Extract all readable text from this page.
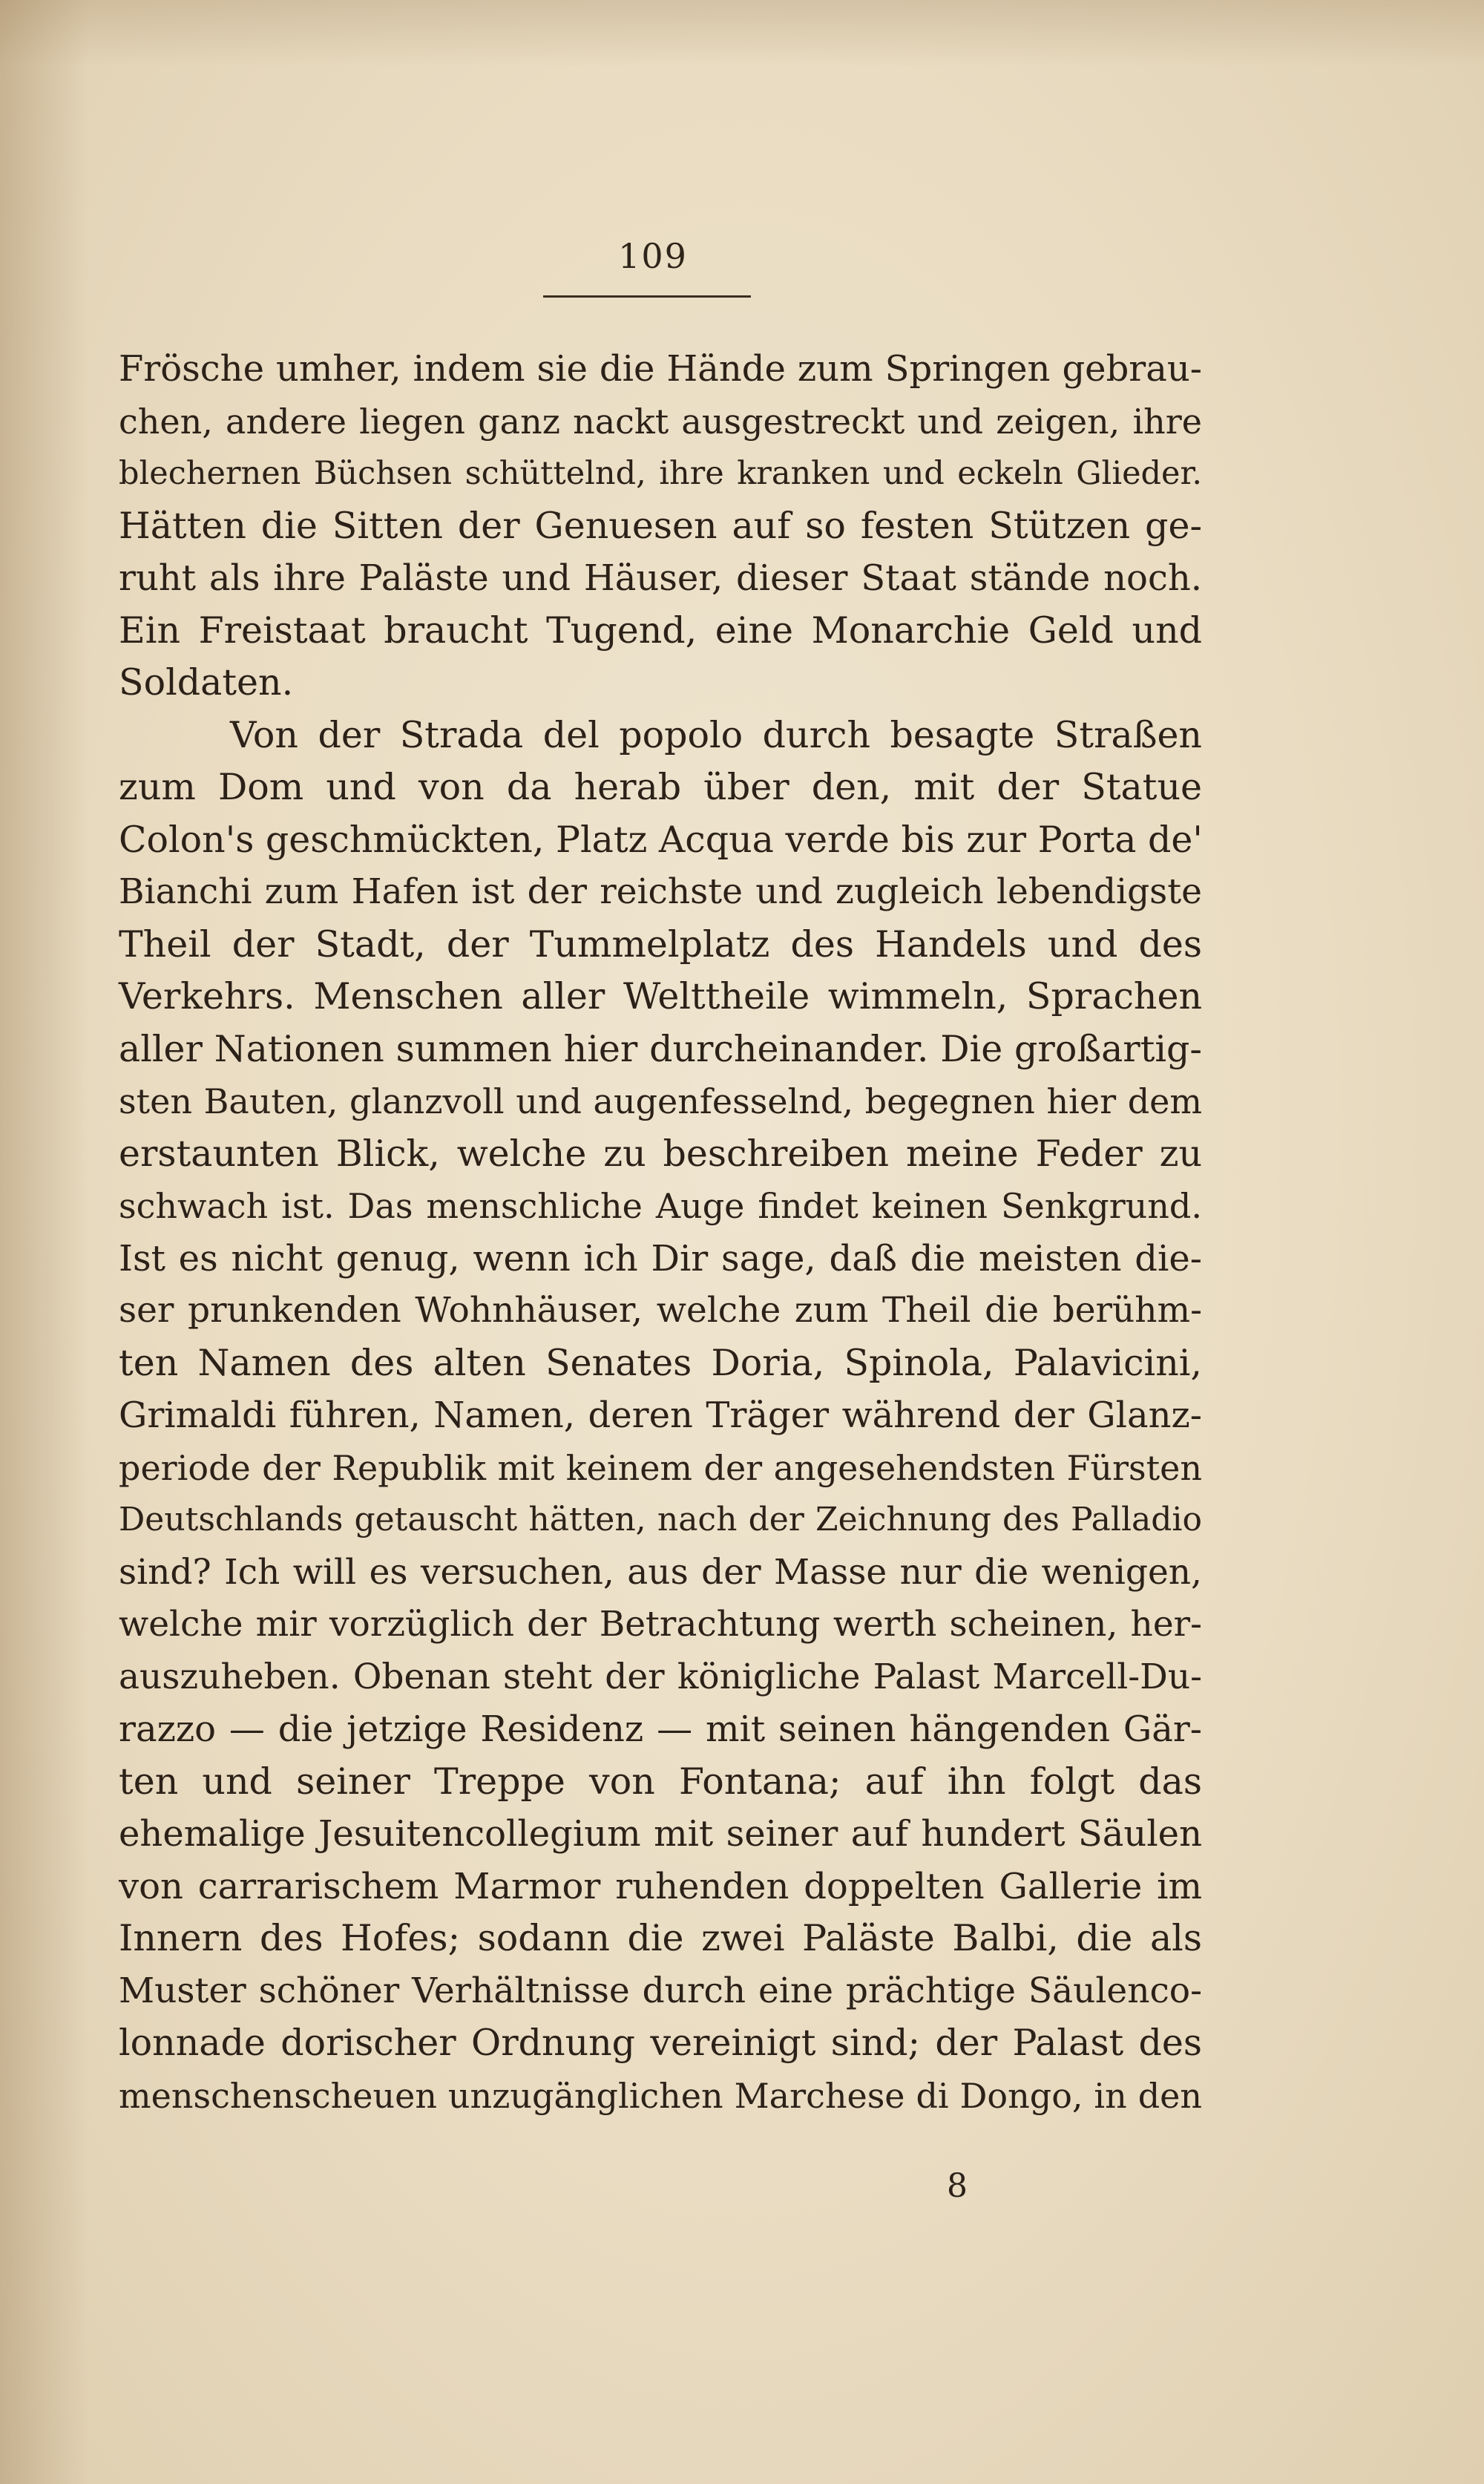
109
Frösche umher, indem sie die Hände zum Springen gebrau-
chen, andere liegen ganz nackt ausgestreckt und zeigen, ihre
blechernen Büchsen schüttelnd, ihre kranken und eckeln Glieder.
Hätten die Sitten der Genuesen auf so festen Stützen ge-
ruht als ihre Paläste und Häuser, dieser Staat stände noch.
Ein Freistaat braucht Tugend, eine Monarchie Geld und
Soldaten.
Von der Strada del popolo durch besagte Straßen
zum Dom und von da herab über den, mit der Statue
Colon's geschmückten, Platz Acqua verde bis zur Porta de'
Bianchi zum Hafen ist der reichste und zugleich lebendigste
Theil der Stadt, der Tummelplatz des Handels und des
Verkehrs. Menschen aller Welttheile wimmeln, Sprachen
aller Nationen summen hier durcheinander. Die großartig-
sten Bauten, glanzvoll und augenfesselnd, begegnen hier dem
erstaunten Blick, welche zu beschreiben meine Feder zu
schwach ist. Das menschliche Auge findet keinen Senkgrund.
Ist es nicht genug, wenn ich Dir sage, daß die meisten die-
ser prunkenden Wohnhäuser, welche zum Theil die berühm-
ten Namen des alten Senates Doria, Spinola, Palavicini,
Grimaldi führen, Namen, deren Träger während der Glanz-
periode der Republik mit keinem der angesehendsten Fürsten
Deutschlands getauscht hätten, nach der Zeichnung des Palladio
sind? Ich will es versuchen, aus der Masse nur die wenigen,
welche mir vorzüglich der Betrachtung werth scheinen, her-
auszuheben. Obenan steht der königliche Palast Marcell-Du-
razzo — die jetzige Residenz — mit seinen hängenden Gär-
ten und seiner Treppe von Fontana; auf ihn folgt das
ehemalige Jesuitencollegium mit seiner auf hundert Säulen
von carrarischem Marmor ruhenden doppelten Gallerie im
Innern des Hofes; sodann die zwei Paläste Balbi, die als
Muster schöner Verhältnisse durch eine prächtige Säulenco-
lonnade dorischer Ordnung vereinigt sind; der Palast des
menschenscheuen unzugänglichen Marchese di Dongo, in den
8
